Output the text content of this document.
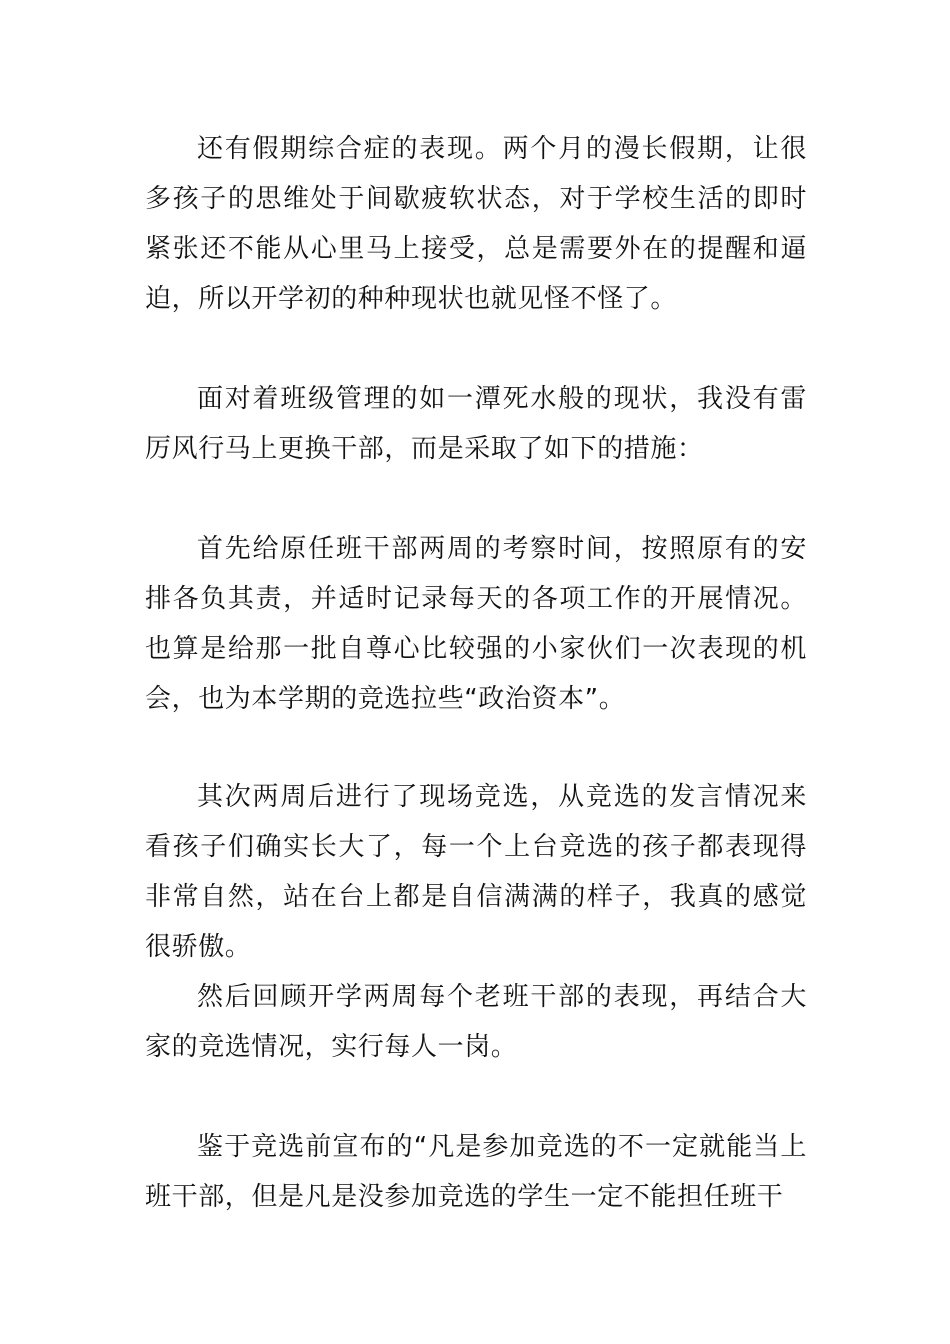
还有假期综合症的表现。两个月的漫长假期，让很多孩子的思维处于间歇疲软状态，对于学校生活的即时紧张还不能从心里马上接受，总是需要外在的提醒和逼迫，所以开学初的种种现状也就见怪不怪了。

面对着班级管理的如一潭死水般的现状，我没有雷厉风行马上更换干部，而是采取了如下的措施：

首先给原任班干部两周的考察时间，按照原有的安排各负其责，并适时记录每天的各项工作的开展情况。也算是给那一批自尊心比较强的小家伙们一次表现的机会，也为本学期的竞选拉些“政治资本”。

其次两周后进行了现场竞选，从竞选的发言情况来看孩子们确实长大了，每一个上台竞选的孩子都表现得非常自然，站在台上都是自信满满的样子，我真的感觉很骄傲。

然后回顾开学两周每个老班干部的表现，再结合大家的竞选情况，实行每人一岗。

鉴于竞选前宣布的“凡是参加竞选的不一定就能当上班干部，但是凡是没参加竞选的学生一定不能担任班干
